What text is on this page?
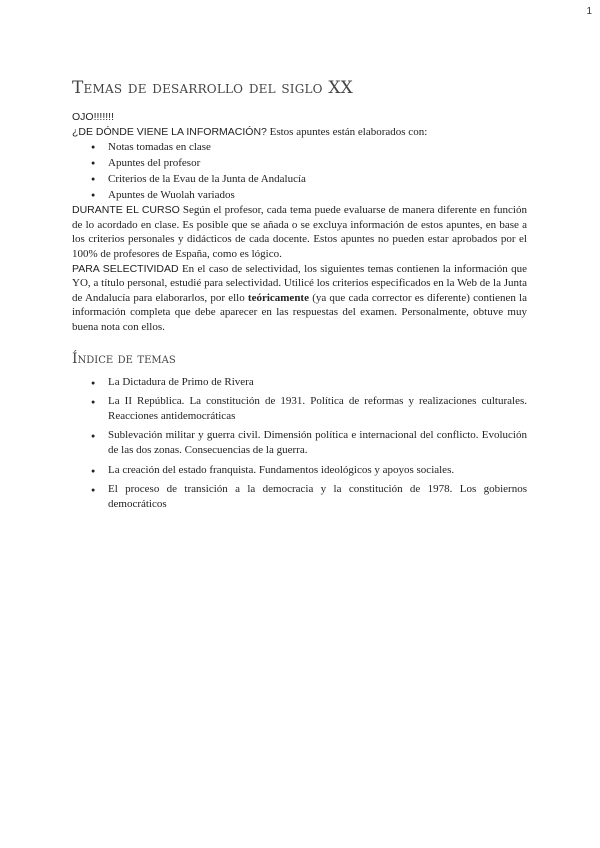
1
Temas de desarrollo del siglo XX

OJO!!!!!!!

¿DE DÓNDE VIENE LA INFORMACIÓN? Estos apuntes están elaborados con:

● Notas tomadas en clase
● Apuntes del profesor
● Criterios de la Evau de la Junta de Andalucía
● Apuntes de Wuolah variados

DURANTE EL CURSO Según el profesor, cada tema puede evaluarse de manera diferente en función de lo acordado en clase. Es posible que se añada o se excluya información de estos apuntes, en base a los criterios personales y didácticos de cada docente. Estos apuntes no pueden estar aprobados por el 100% de profesores de España, como es lógico.

PARA SELECTIVIDAD En el caso de selectividad, los siguientes temas contienen la información que YO, a título personal, estudié para selectividad. Utilicé los criterios especificados en la Web de la Junta de Andalucía para elaborarlos, por ello teóricamente (ya que cada corrector es diferente) contienen la información completa que debe aparecer en las respuestas del examen. Personalmente, obtuve muy buena nota con ellos.

Índice de temas
● La Dictadura de Primo de Rivera
● La II República. La constitución de 1931. Política de reformas y realizaciones culturales. Reacciones antidemocráticas
● Sublevación militar y guerra civil. Dimensión política e internacional del conflicto. Evolución de las dos zonas. Consecuencias de la guerra.
● La creación del estado franquista. Fundamentos ideológicos y apoyos sociales.
● El proceso de transición a la democracia y la constitución de 1978. Los gobiernos democráticos
